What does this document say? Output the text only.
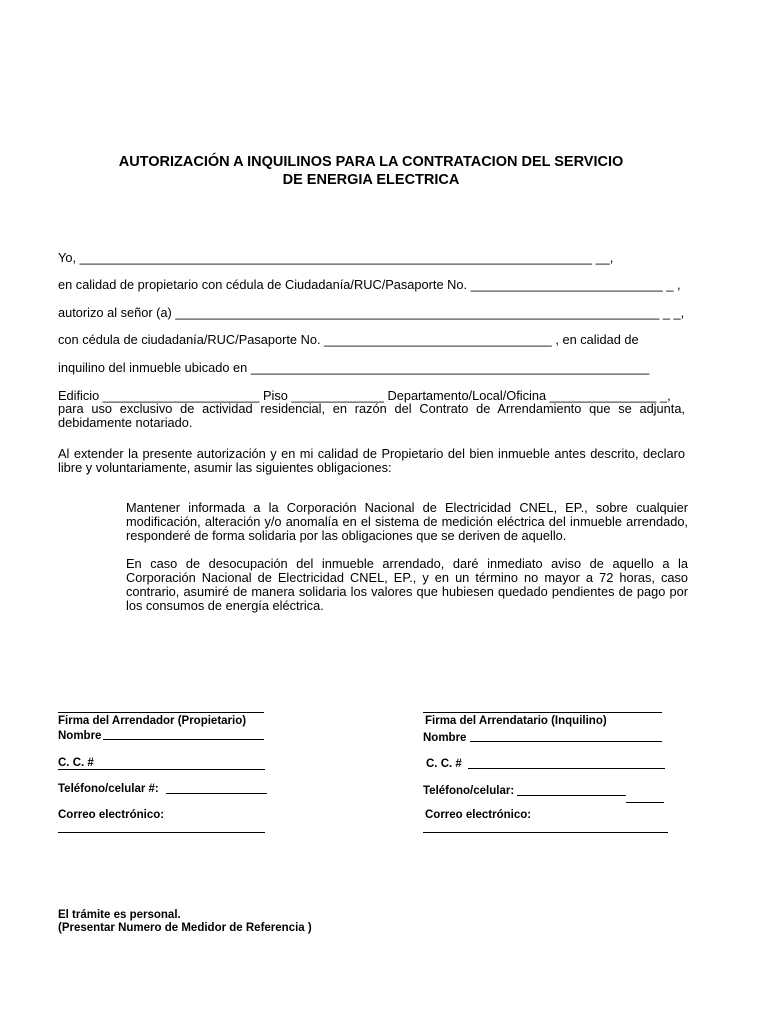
AUTORIZACIÓN A INQUILINOS PARA LA CONTRATACION DEL SERVICIO
DE ENERGIA ELECTRICA
Yo, ________________________________________________________________________ __,
en calidad de propietario con cédula de Ciudadanía/RUC/Pasaporte No. ___________________________ _ ,
autorizo al señor (a) ____________________________________________________________________ _ _,
con cédula de ciudadanía/RUC/Pasaporte No. ________________________________ , en calidad de
inquilino del inmueble ubicado en ________________________________________________________
Edificio ______________________ Piso _____________ Departamento/Local/Oficina _______________ _,
para uso exclusivo de actividad residencial, en razón del Contrato de Arrendamiento que se adjunta, debidamente notariado.
Al extender la presente autorización y en mi calidad de Propietario del bien inmueble antes descrito, declaro libre y voluntariamente, asumir las siguientes obligaciones:
Mantener informada a la Corporación Nacional de Electricidad CNEL, EP., sobre cualquier modificación, alteración y/o anomalía en el sistema de medición eléctrica del inmueble arrendado, responderé de forma solidaria por las obligaciones que se deriven de aquello.
En caso de desocupación del inmueble arrendado, daré inmediato aviso de aquello a la Corporación Nacional de Electricidad CNEL, EP., y en un término no mayor a 72 horas, caso contrario, asumiré de manera solidaria los valores que hubiesen quedado pendientes de pago por los consumos de energía eléctrica.
Firma del Arrendador (Propietario)
Nombre
C. C. #
Teléfono/celular #:
Correo electrónico:
Firma del Arrendatario (Inquilino)
Nombre
C. C. #
Teléfono/celular:
Correo electrónico:
El trámite es personal.
(Presentar Numero de Medidor de Referencia )
